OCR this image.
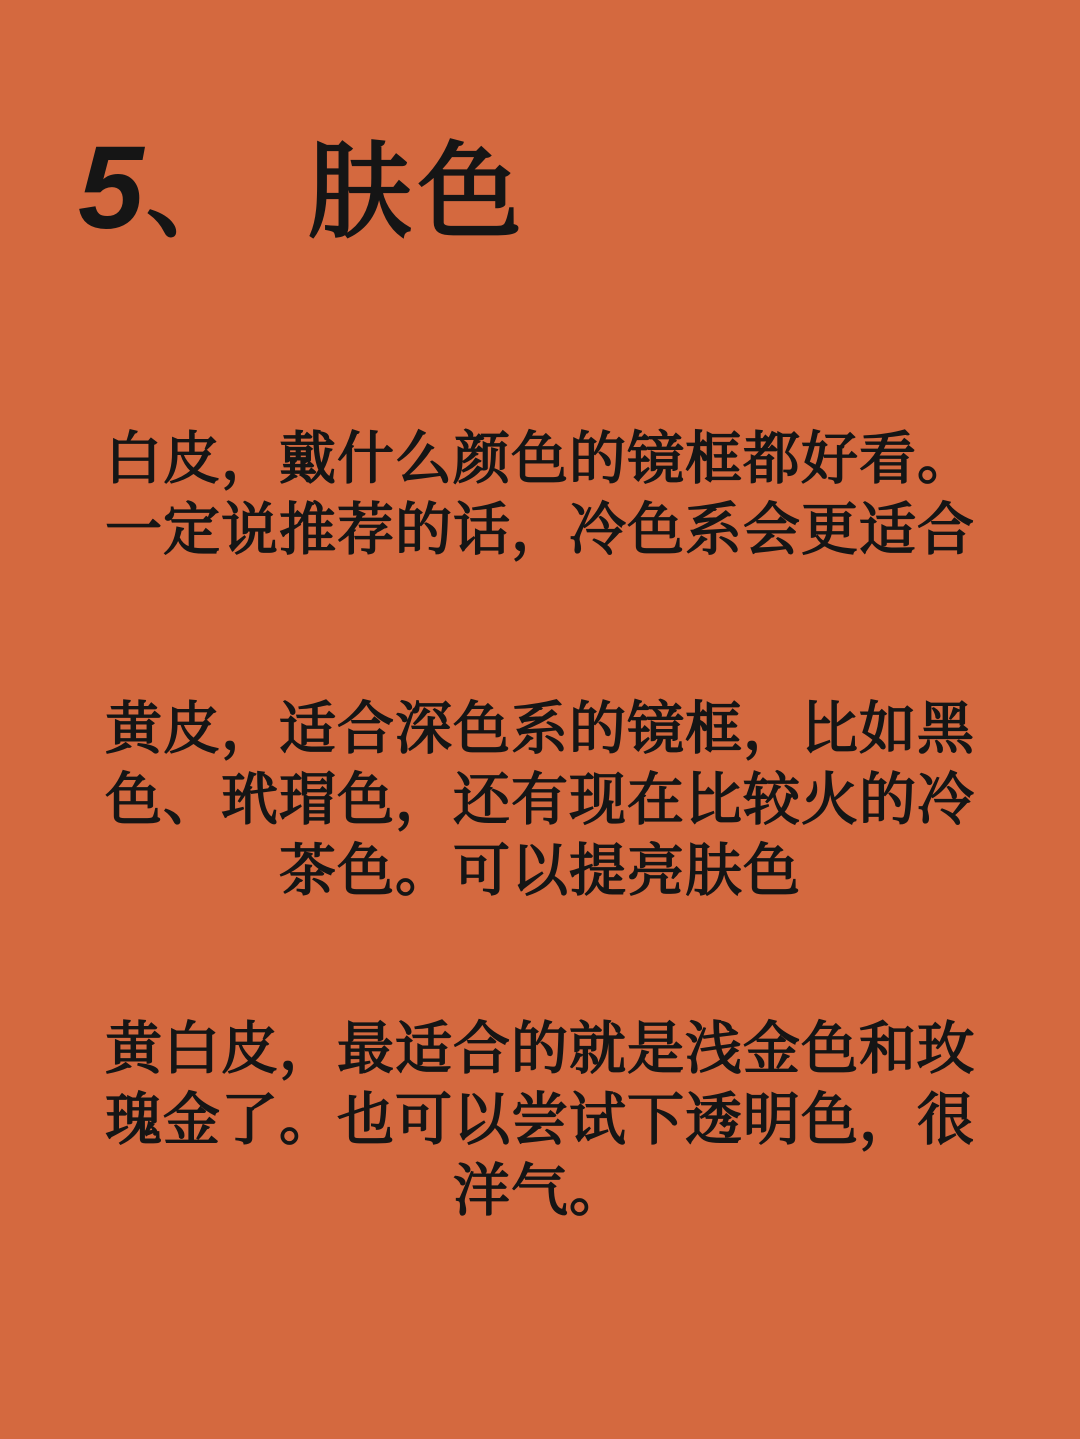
5 、 肤色
白皮，戴什么颜色的镜框都好看。
一定说推荐的话，冷色系会更适合
黄皮，适合深色系的镜框，比如黑
色、玳瑁色，还有现在比较火的冷
茶色。可以提亮肤色
黄白皮，最适合的就是浅金色和玫
瑰金了。也可以尝试下透明色，很
洋气。
